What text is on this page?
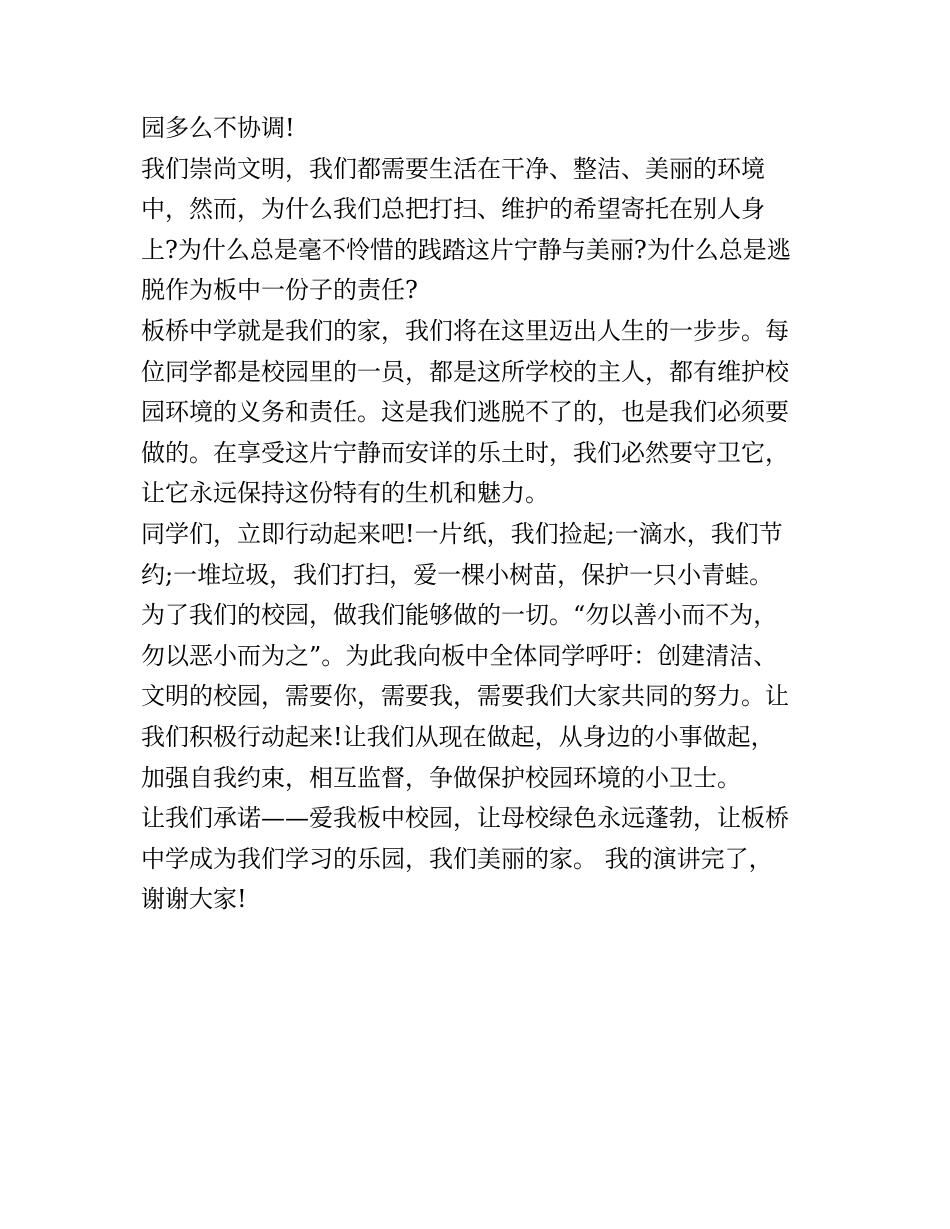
园多么不协调!
我们崇尚文明，我们都需要生活在干净、整洁、美丽的环境
中，然而，为什么我们总把打扫、维护的希望寄托在别人身
上?为什么总是毫不怜惜的践踏这片宁静与美丽?为什么总是逃
脱作为板中一份子的责任?
板桥中学就是我们的家，我们将在这里迈出人生的一步步。每
位同学都是校园里的一员，都是这所学校的主人，都有维护校
园环境的义务和责任。这是我们逃脱不了的，也是我们必须要
做的。在享受这片宁静而安详的乐土时，我们必然要守卫它，
让它永远保持这份特有的生机和魅力。
同学们，立即行动起来吧!一片纸，我们捡起;一滴水，我们节
约;一堆垃圾，我们打扫，爱一棵小树苗，保护一只小青蛙。
为了我们的校园，做我们能够做的一切。“勿以善小而不为，
勿以恶小而为之”。为此我向板中全体同学呼吁：创建清洁、
文明的校园，需要你，需要我，需要我们大家共同的努力。让
我们积极行动起来!让我们从现在做起，从身边的小事做起，
加强自我约束，相互监督，争做保护校园环境的小卫士。
让我们承诺——爱我板中校园，让母校绿色永远蓬勃，让板桥
中学成为我们学习的乐园，我们美丽的家。 我的演讲完了，
谢谢大家!
